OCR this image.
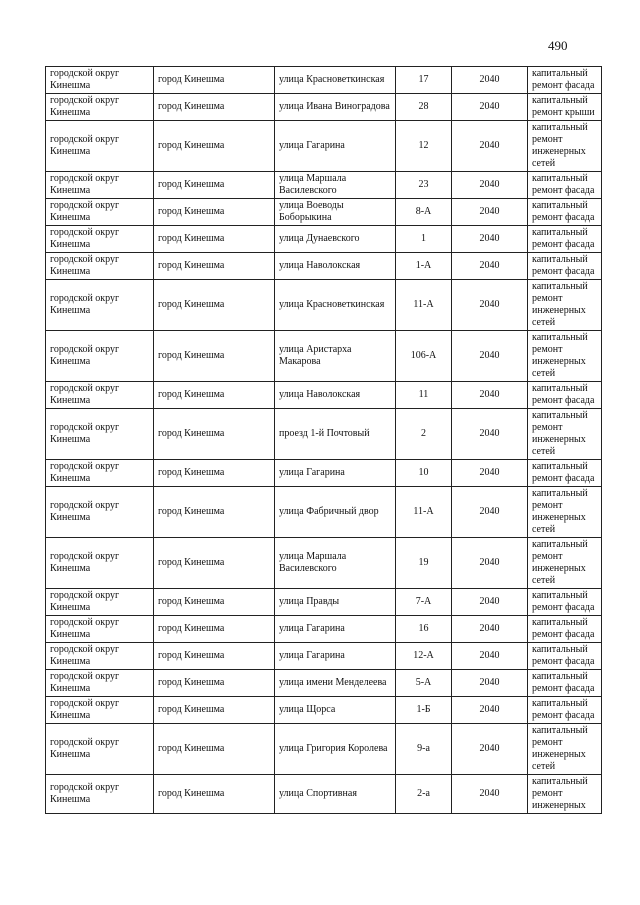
490
городской округ Кинешма	город Кинешма	улица Красноветкинская	17	2040	капитальный ремонт фасада
городской округ Кинешма	город Кинешма	улица Ивана Виноградова	28	2040	капитальный ремонт крыши
городской округ Кинешма	город Кинешма	улица Гагарина	12	2040	капитальный ремонт инженерных сетей
городской округ Кинешма	город Кинешма	улица Маршала Василевского	23	2040	капитальный ремонт фасада
городской округ Кинешма	город Кинешма	улица Воеводы Боборыкина	8-А	2040	капитальный ремонт фасада
городской округ Кинешма	город Кинешма	улица Дунаевского	1	2040	капитальный ремонт фасада
городской округ Кинешма	город Кинешма	улица Наволокская	1-А	2040	капитальный ремонт фасада
городской округ Кинешма	город Кинешма	улица Красноветкинская	11-А	2040	капитальный ремонт инженерных сетей
городской округ Кинешма	город Кинешма	улица Аристарха Макарова	106-А	2040	капитальный ремонт инженерных сетей
городской округ Кинешма	город Кинешма	улица Наволокская	11	2040	капитальный ремонт фасада
городской округ Кинешма	город Кинешма	проезд 1-й Почтовый	2	2040	капитальный ремонт инженерных сетей
городской округ Кинешма	город Кинешма	улица Гагарина	10	2040	капитальный ремонт фасада
городской округ Кинешма	город Кинешма	улица Фабричный двор	11-А	2040	капитальный ремонт инженерных сетей
городской округ Кинешма	город Кинешма	улица Маршала Василевского	19	2040	капитальный ремонт инженерных сетей
городской округ Кинешма	город Кинешма	улица Правды	7-А	2040	капитальный ремонт фасада
городской округ Кинешма	город Кинешма	улица Гагарина	16	2040	капитальный ремонт фасада
городской округ Кинешма	город Кинешма	улица Гагарина	12-А	2040	капитальный ремонт фасада
городской округ Кинешма	город Кинешма	улица имени Менделеева	5-А	2040	капитальный ремонт фасада
городской округ Кинешма	город Кинешма	улица Щорса	1-Б	2040	капитальный ремонт фасада
городской округ Кинешма	город Кинешма	улица Григория Королева	9-а	2040	капитальный ремонт инженерных сетей
городской округ Кинешма	город Кинешма	улица Спортивная	2-а	2040	капитальный ремонт инженерных
